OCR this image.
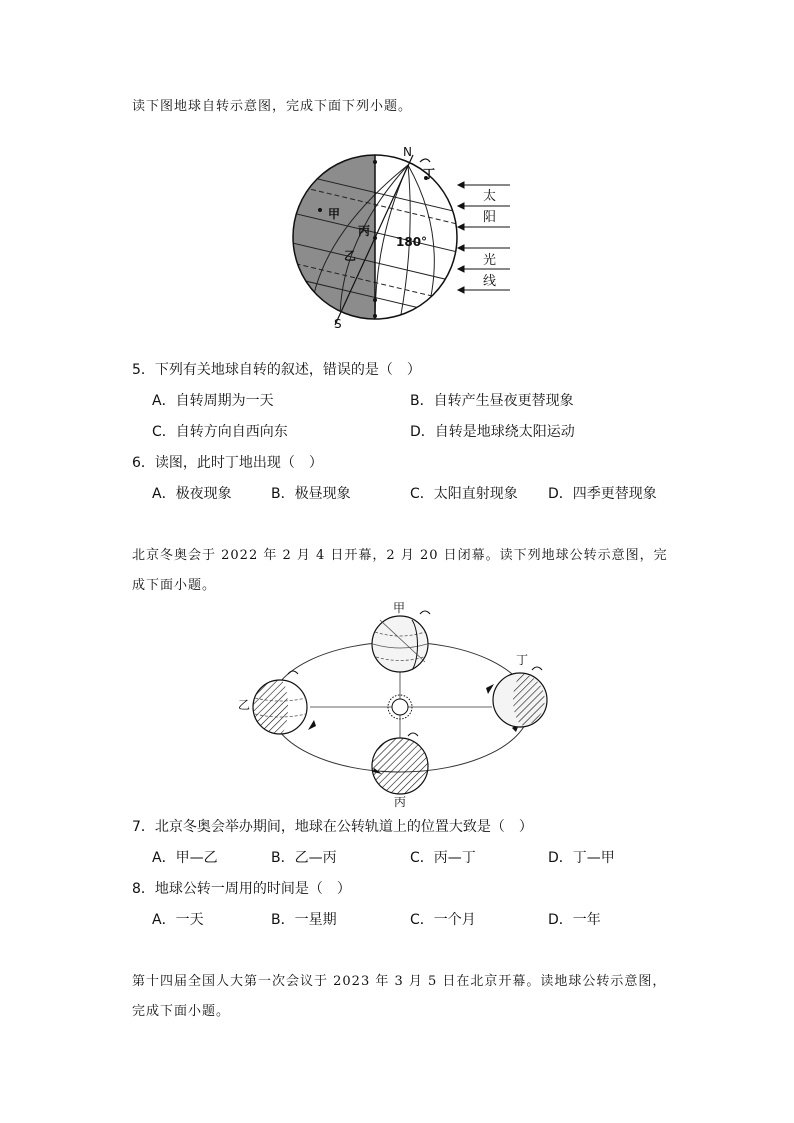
读下图地球自转示意图，完成下面下列小题。
N
丁
甲
丙
乙
180°
S
太
阳
光
线
5．下列有关地球自转的叙述，错误的是（　）
A．自转周期为一天	B．自转产生昼夜更替现象
C．自转方向自西向东	D．自转是地球绕太阳运动
6．读图，此时丁地出现（　）
A．极夜现象	B．极昼现象	C．太阳直射现象 D．四季更替现象
北京冬奥会于 2022 年 2 月 4 日开幕，2 月 20 日闭幕。读下列地球公转示意图，完
成下面小题。
甲
乙
丙
丁
7．北京冬奥会举办期间，地球在公转轨道上的位置大致是（　）
A．甲—乙	B．乙—丙	C．丙—丁	D．丁—甲
8．地球公转一周用的时间是（　）
A．一天	B．一星期	C．一个月	D．一年
第十四届全国人大第一次会议于 2023 年 3 月 5 日在北京开幕。读地球公转示意图，
完成下面小题。
